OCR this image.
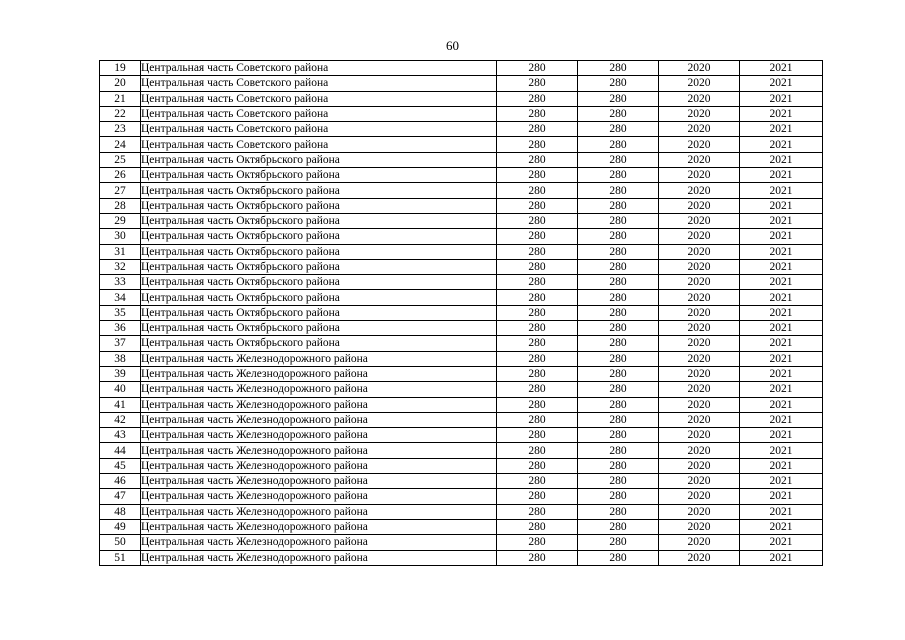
60
19	Центральная часть Советского района	280	280	2020	2021
20	Центральная часть Советского района	280	280	2020	2021
21	Центральная часть Советского района	280	280	2020	2021
22	Центральная часть Советского района	280	280	2020	2021
23	Центральная часть Советского района	280	280	2020	2021
24	Центральная часть Советского района	280	280	2020	2021
25	Центральная часть Октябрьского района	280	280	2020	2021
26	Центральная часть Октябрьского района	280	280	2020	2021
27	Центральная часть Октябрьского района	280	280	2020	2021
28	Центральная часть Октябрьского района	280	280	2020	2021
29	Центральная часть Октябрьского района	280	280	2020	2021
30	Центральная часть Октябрьского района	280	280	2020	2021
31	Центральная часть Октябрьского района	280	280	2020	2021
32	Центральная часть Октябрьского района	280	280	2020	2021
33	Центральная часть Октябрьского района	280	280	2020	2021
34	Центральная часть Октябрьского района	280	280	2020	2021
35	Центральная часть Октябрьского района	280	280	2020	2021
36	Центральная часть Октябрьского района	280	280	2020	2021
37	Центральная часть Октябрьского района	280	280	2020	2021
38	Центральная часть Железнодорожного района	280	280	2020	2021
39	Центральная часть Железнодорожного района	280	280	2020	2021
40	Центральная часть Железнодорожного района	280	280	2020	2021
41	Центральная часть Железнодорожного района	280	280	2020	2021
42	Центральная часть Железнодорожного района	280	280	2020	2021
43	Центральная часть Железнодорожного района	280	280	2020	2021
44	Центральная часть Железнодорожного района	280	280	2020	2021
45	Центральная часть Железнодорожного района	280	280	2020	2021
46	Центральная часть Железнодорожного района	280	280	2020	2021
47	Центральная часть Железнодорожного района	280	280	2020	2021
48	Центральная часть Железнодорожного района	280	280	2020	2021
49	Центральная часть Железнодорожного района	280	280	2020	2021
50	Центральная часть Железнодорожного района	280	280	2020	2021
51	Центральная часть Железнодорожного района	280	280	2020	2021
